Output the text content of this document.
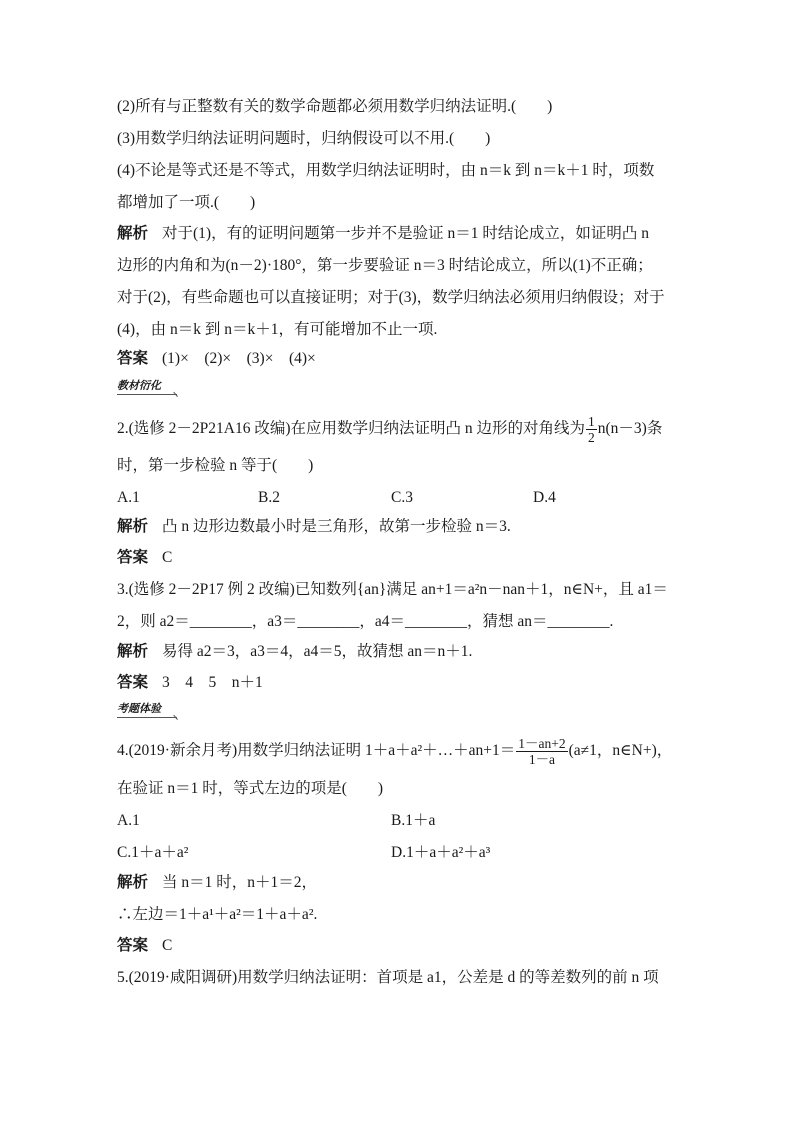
(2)所有与正整数有关的数学命题都必须用数学归纳法证明.(　　)
(3)用数学归纳法证明问题时，归纳假设可以不用.(　　)
(4)不论是等式还是不等式，用数学归纳法证明时，由 n＝k 到 n＝k＋1 时，项数
都增加了一项.(　　)
解析 对于(1)，有的证明问题第一步并不是验证 n＝1 时结论成立，如证明凸 n
边形的内角和为(n－2)·180°，第一步要验证 n＝3 时结论成立，所以(1)不正确；
对于(2)，有些命题也可以直接证明；对于(3)，数学归纳法必须用归纳假设；对于
(4)，由 n＝k 到 n＝k＋1，有可能增加不止一项.
答案 (1)×　(2)×　(3)×　(4)×
教材衍化
2.(选修 2－2P21A16 改编)在应用数学归纳法证明凸 n 边形的对角线为 $\frac{1}{2} n(n-3)$条
时，第一步检验 n 等于(　　)
A.1	B.2	C.3	D.4
解析 凸 n 边形边数最小时是三角形，故第一步检验 n＝3.
答案 C
3.(选修 2－2P17 例 2 改编)已知数列{an}满足 an+1＝a²n－nan＋1，n∈N+，且 a1＝
2，则 a2＝________，a3＝________，a4＝________，猜想 an＝________.
解析 易得 a2＝3，a3＝4，a4＝5，故猜想 an＝n＋1.
答案 3　4　5　n＋1
考题体验
4.(2019·新余月考)用数学归纳法证明 1＋a＋a²＋…＋an+1＝ $\frac{1-an+2}{1-a} (a\ne 1$，n∈N+)，
在验证 n＝1 时，等式左边的项是(　　)
A.1	B.1＋a
C.1＋a＋a²	D.1＋a＋a²＋a³
解析 当 n＝1 时，n＋1＝2，
∴左边＝1＋a¹＋a²＝1＋a＋a².
答案 C
5.(2019·咸阳调研)用数学归纳法证明：首项是 a1，公差是 d 的等差数列的前 n 项
